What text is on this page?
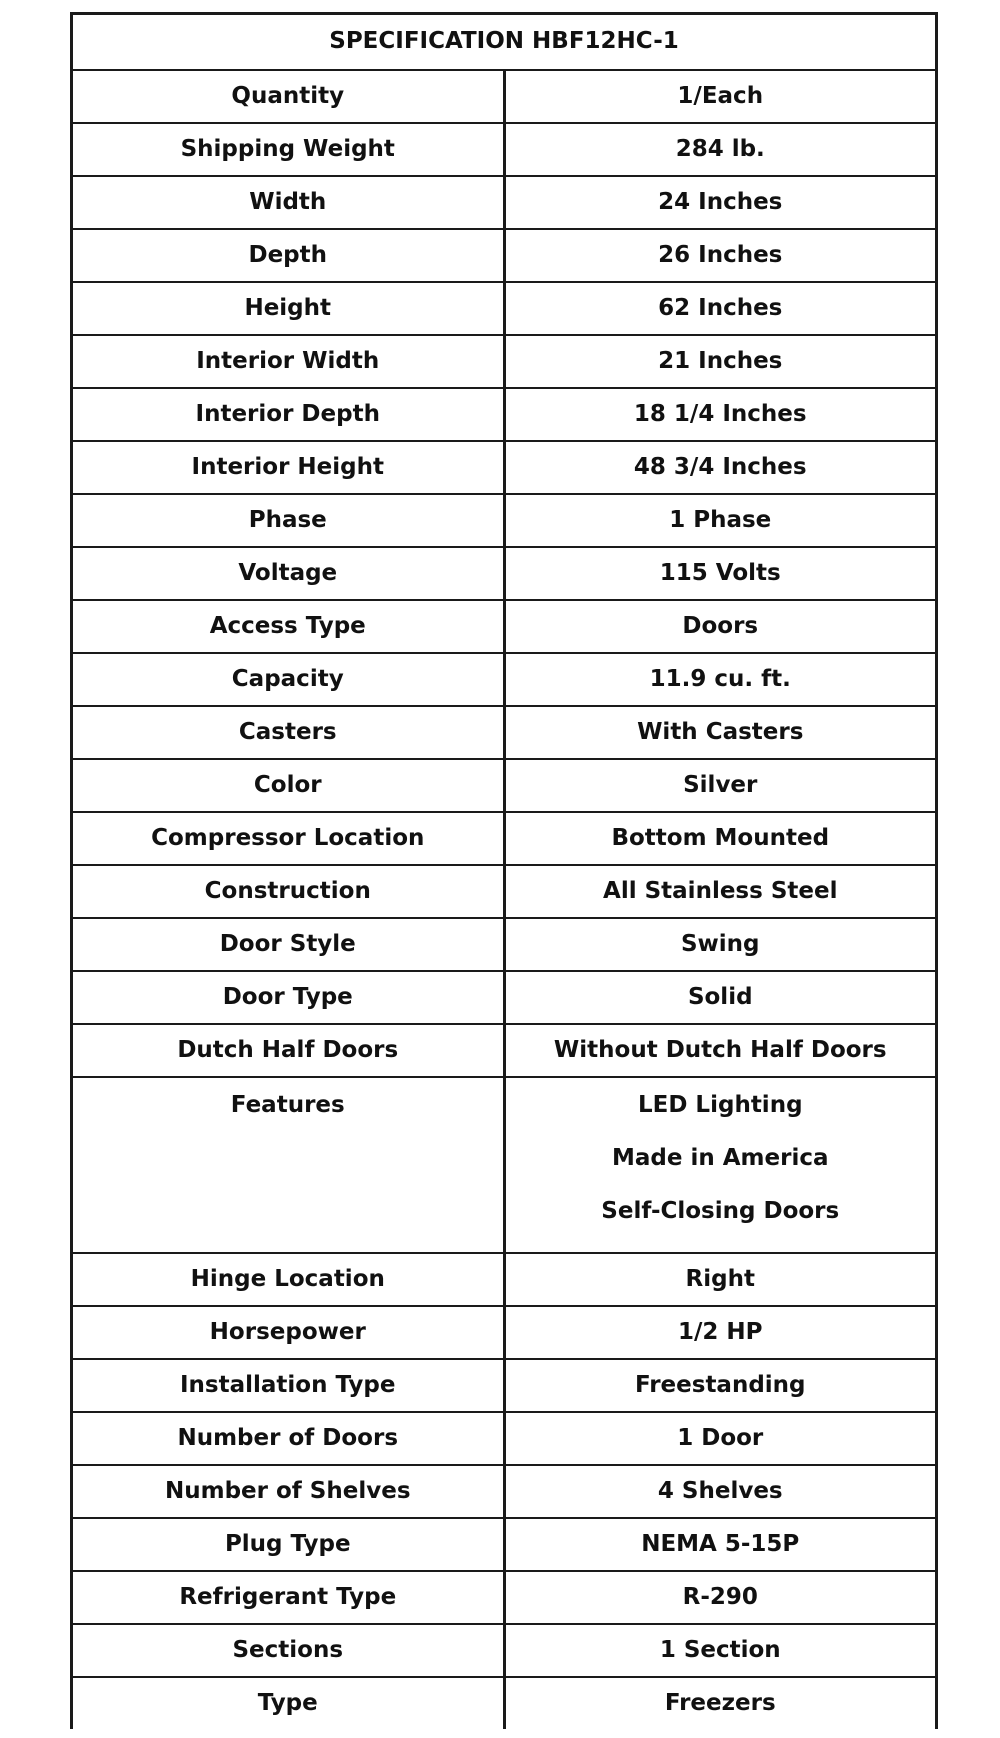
SPECIFICATION HBF12HC-1	
Quantity	1/Each
Shipping Weight	284 lb.
Width	24 Inches
Depth	26 Inches
Height	62 Inches
Interior Width	21 Inches
Interior Depth	18 1/4 Inches
Interior Height	48 3/4 Inches
Phase	1 Phase
Voltage	115 Volts
Access Type	Doors
Capacity	11.9 cu. ft.
Casters	With Casters
Color	Silver
Compressor Location	Bottom Mounted
Construction	All Stainless Steel
Door Style	Swing
Door Type	Solid
Dutch Half Doors	Without Dutch Half Doors

Features	LED Lighting
Made in America
Self-Closing Doors

Hinge Location	Right
Horsepower	1/2 HP
Installation Type	Freestanding
Number of Doors	1 Door
Number of Shelves	4 Shelves
Plug Type	NEMA 5-15P
Refrigerant Type	R-290
Sections	1 Section
Type	Freezers
